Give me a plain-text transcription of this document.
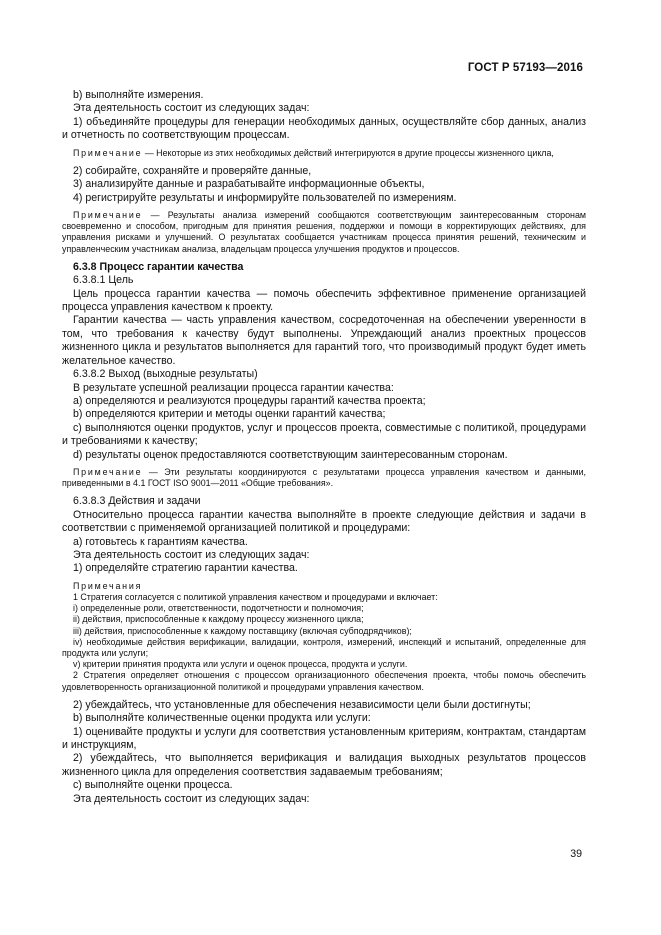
ГОСТ Р 57193—2016

b) выполняйте измерения.

Эта деятельность состоит из следующих задач:

1) объединяйте процедуры для генерации необходимых данных, осуществляйте сбор данных, анализ и отчетность по соответствующим процессам.

Примечание — Некоторые из этих необходимых действий интегрируются в другие процессы жизненного цикла,

2) собирайте, сохраняйте и проверяйте данные,

3) анализируйте данные и разрабатывайте информационные объекты,

4) регистрируйте результаты и информируйте пользователей по измерениям.

Примечание — Результаты анализа измерений сообщаются соответствующим заинтересованным сторонам своевременно и способом, пригодным для принятия решения, поддержки и помощи в корректирующих действиях, для управления рисками и улучшений. О результатах сообщается участникам процесса принятия решений, техническим и управленческим участникам анализа, владельцам процесса улучшения продуктов и процессов.

6.3.8 Процесс гарантии качества

6.3.8.1 Цель

Цель процесса гарантии качества — помочь обеспечить эффективное применение организацией процесса управления качеством к проекту.

Гарантии качества — часть управления качеством, сосредоточенная на обеспечении уверенности в том, что требования к качеству будут выполнены. Упреждающий анализ проектных процессов жизненного цикла и результатов выполняется для гарантий того, что производимый продукт будет иметь желательное качество.

6.3.8.2 Выход (выходные результаты)

В результате успешной реализации процесса гарантии качества:

a) определяются и реализуются процедуры гарантий качества проекта;

b) определяются критерии и методы оценки гарантий качества;

c) выполняются оценки продуктов, услуг и процессов проекта, совместимые с политикой, процедурами и требованиями к качеству;

d) результаты оценок предоставляются соответствующим заинтересованным сторонам.

Примечание — Эти результаты координируются с результатами процесса управления качеством и данными, приведенными в 4.1 ГОСТ ISO 9001—2011 «Общие требования».

6.3.8.3 Действия и задачи

Относительно процесса гарантии качества выполняйте в проекте следующие действия и задачи в соответствии с применяемой организацией политикой и процедурами:

a) готовьтесь к гарантиям качества.

Эта деятельность состоит из следующих задач:

1) определяйте стратегию гарантии качества.

Примечания

1 Стратегия согласуется с политикой управления качеством и процедурами и включает:

i) определенные роли, ответственности, подотчетности и полномочия;

ii) действия, приспособленные к каждому процессу жизненного цикла;

iii) действия, приспособленные к каждому поставщику (включая субподрядчиков);

iv) необходимые действия верификации, валидации, контроля, измерений, инспекций и испытаний, определенные для продукта или услуги;

v) критерии принятия продукта или услуги и оценок процесса, продукта и услуги.

2 Стратегия определяет отношения с процессом организационного обеспечения проекта, чтобы помочь обеспечить удовлетворенность организационной политикой и процедурами управления качеством.

2) убеждайтесь, что установленные для обеспечения независимости цели были достигнуты;

b) выполняйте количественные оценки продукта или услуги:

1) оценивайте продукты и услуги для соответствия установленным критериям, контрактам, стандартам и инструкциям,

2) убеждайтесь, что выполняется верификация и валидация выходных результатов процессов жизненного цикла для определения соответствия задаваемым требованиям;

c) выполняйте оценки процесса.

Эта деятельность состоит из следующих задач:

39
